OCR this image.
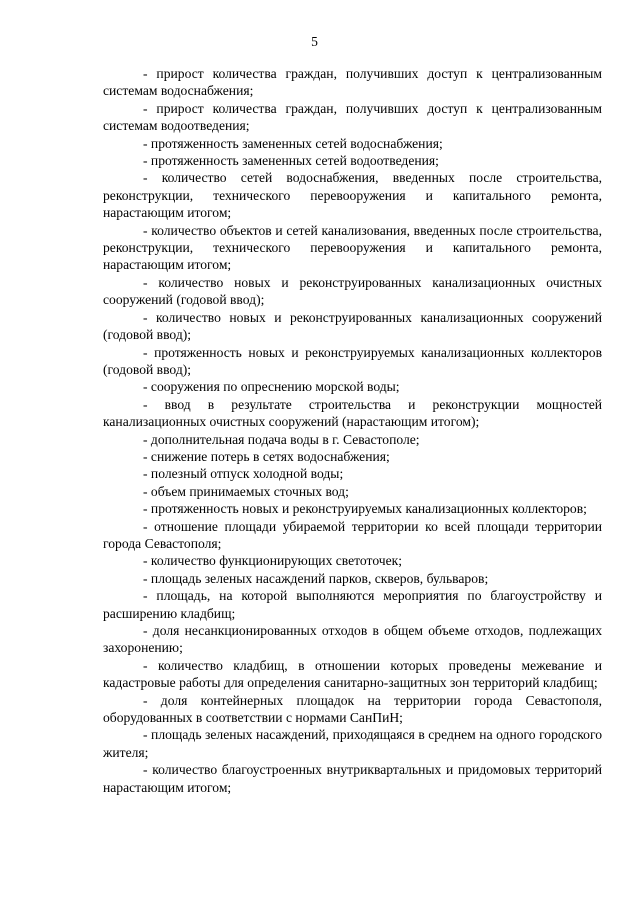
5

- прирост количества граждан, получивших доступ к централизованным системам водоснабжения;

- прирост количества граждан, получивших доступ к централизованным системам водоотведения;

- протяженность замененных сетей водоснабжения;

- протяженность замененных сетей водоотведения;

- количество сетей водоснабжения, введенных после строительства, реконструкции, технического перевооружения и капитального ремонта, нарастающим итогом;

- количество объектов и сетей канализования, введенных после строительства, реконструкции, технического перевооружения и капитального ремонта, нарастающим итогом;

- количество новых и реконструированных канализационных очистных сооружений (годовой ввод);

- количество новых и реконструированных канализационных сооружений (годовой ввод);

- протяженность новых и реконструируемых канализационных коллекторов (годовой ввод);

- сооружения по опреснению морской воды;

- ввод в результате строительства и реконструкции мощностей канализационных очистных сооружений (нарастающим итогом);

- дополнительная подача воды в г. Севастополе;

- снижение потерь в сетях водоснабжения;

- полезный отпуск холодной воды;

- объем принимаемых сточных вод;

- протяженность новых и реконструируемых канализационных коллекторов;

- отношение площади убираемой территории ко всей площади территории города Севастополя;

- количество функционирующих светоточек;

- площадь зеленых насаждений парков, скверов, бульваров;

- площадь, на которой выполняются мероприятия по благоустройству и расширению кладбищ;

- доля несанкционированных отходов в общем объеме отходов, подлежащих захоронению;

- количество кладбищ, в отношении которых проведены межевание и кадастровые работы для определения санитарно-защитных зон территорий кладбищ;

- доля контейнерных площадок на территории города Севастополя, оборудованных в соответствии с нормами СанПиН;

- площадь зеленых насаждений, приходящаяся в среднем на одного городского жителя;

- количество благоустроенных внутриквартальных и придомовых территорий нарастающим итогом;
